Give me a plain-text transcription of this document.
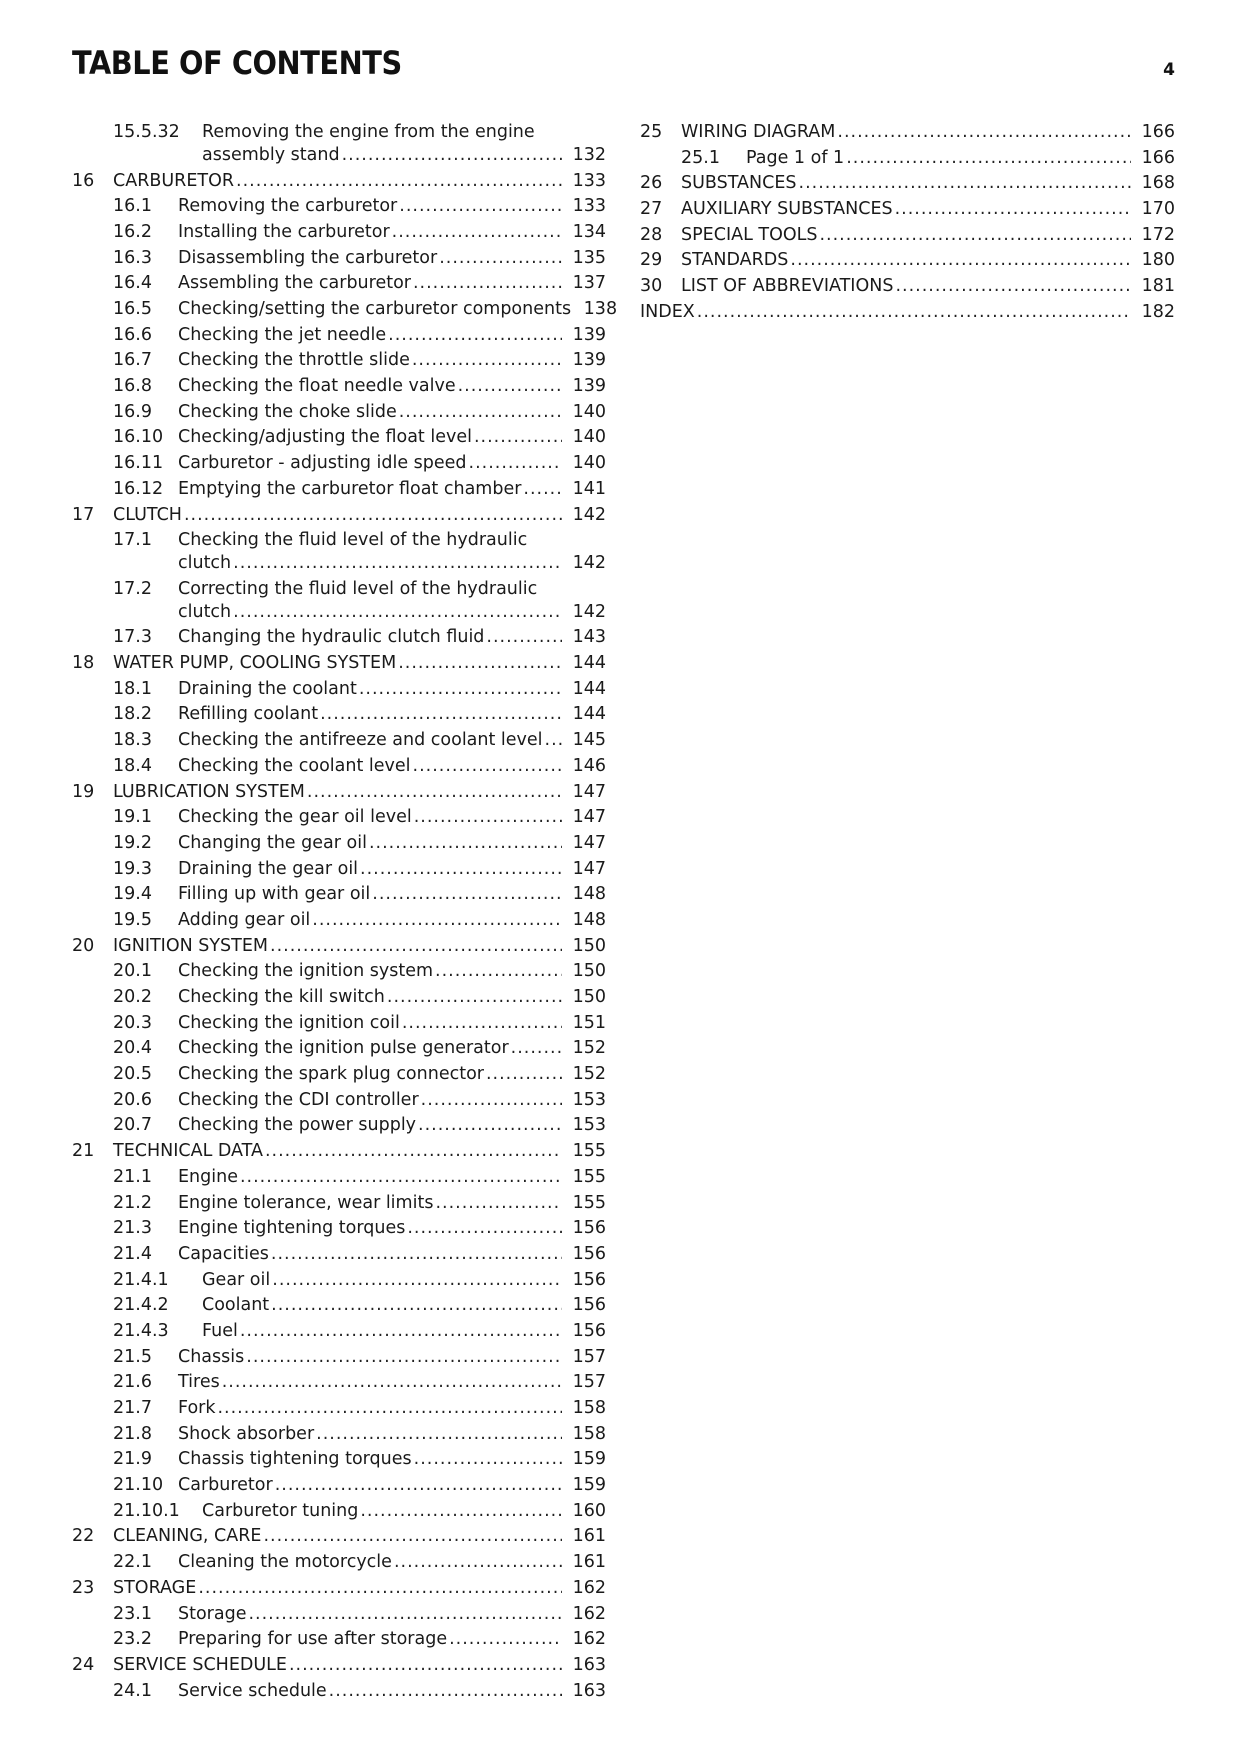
TABLE OF CONTENTS	4
15.5.32 Removing the engine from the engine
assembly stand .....	132
16 CARBURETOR .....	133
16.1 Removing the carburetor .....	133
16.2 Installing the carburetor .....	134
16.3 Disassembling the carburetor .....	135
16.4 Assembling the carburetor .....	137
16.5 Checking/setting the carburetor components 138
16.6 Checking the jet needle .....	139
16.7 Checking the throttle slide .....	139
16.8 Checking the float needle valve .....	139
16.9 Checking the choke slide .....	140
16.10 Checking/adjusting the float level .....	140
16.11 Carburetor - adjusting idle speed .....	140
16.12 Emptying the carburetor float chamber .....	141
17 CLUTCH .....	142
17.1 Checking the fluid level of the hydraulic
clutch .....	142
17.2 Correcting the fluid level of the hydraulic
clutch .....	142
17.3 Changing the hydraulic clutch fluid .....	143
18 WATER PUMP, COOLING SYSTEM .....	144
18.1 Draining the coolant .....	144
18.2 Refilling coolant .....	144
18.3 Checking the antifreeze and coolant level .....	145
18.4 Checking the coolant level .....	146
19 LUBRICATION SYSTEM .....	147
19.1 Checking the gear oil level .....	147
19.2 Changing the gear oil .....	147
19.3 Draining the gear oil .....	147
19.4 Filling up with gear oil .....	148
19.5 Adding gear oil .....	148
20 IGNITION SYSTEM .....	150
20.1 Checking the ignition system .....	150
20.2 Checking the kill switch .....	150
20.3 Checking the ignition coil .....	151
20.4 Checking the ignition pulse generator .....	152
20.5 Checking the spark plug connector .....	152
20.6 Checking the CDI controller .....	153
20.7 Checking the power supply .....	153
21 TECHNICAL DATA .....	155
21.1 Engine .....	155
21.2 Engine tolerance, wear limits .....	155
21.3 Engine tightening torques .....	156
21.4 Capacities .....	156
21.4.1 Gear oil .....	156
21.4.2 Coolant .....	156
21.4.3 Fuel .....	156
21.5 Chassis .....	157
21.6 Tires .....	157
21.7 Fork .....	158
21.8 Shock absorber .....	158
21.9 Chassis tightening torques .....	159
21.10 Carburetor .....	159
21.10.1 Carburetor tuning .....	160
22 CLEANING, CARE .....	161
22.1 Cleaning the motorcycle .....	161
23 STORAGE .....	162
23.1 Storage .....	162
23.2 Preparing for use after storage .....	162
24 SERVICE SCHEDULE .....	163
24.1 Service schedule .....	163
25 WIRING DIAGRAM .....	166
25.1 Page 1 of 1 .....	166
26 SUBSTANCES .....	168
27 AUXILIARY SUBSTANCES .....	170
28 SPECIAL TOOLS .....	172
29 STANDARDS .....	180
30 LIST OF ABBREVIATIONS .....	181
INDEX .....	182
